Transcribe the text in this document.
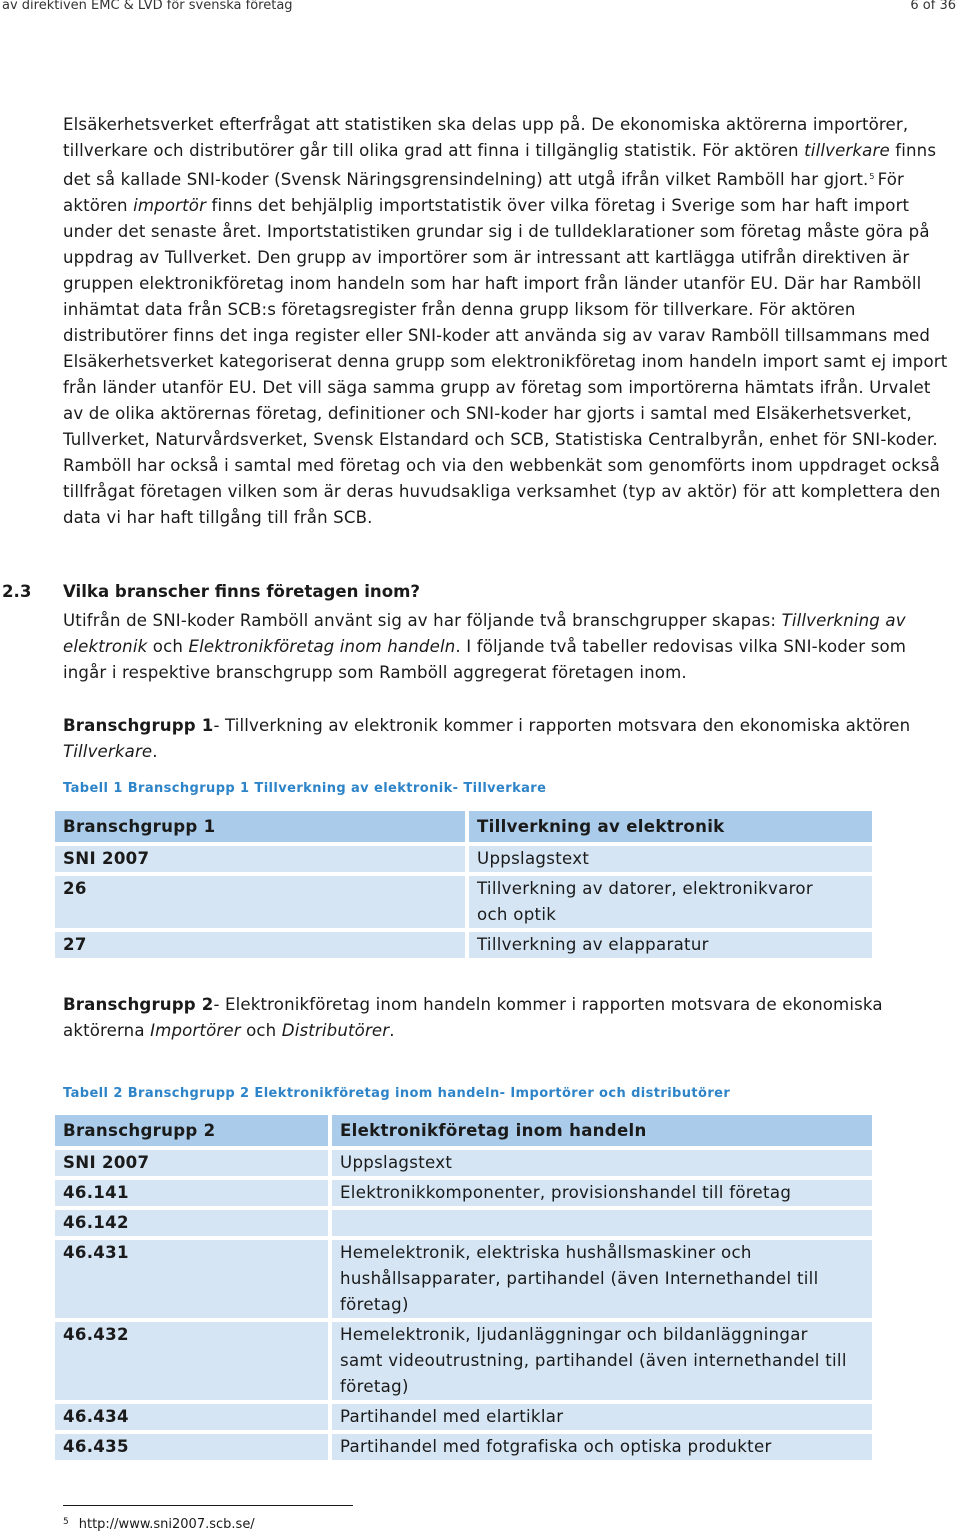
av direktiven EMC & LVD för svenska företag	6 of 36

Elsäkerhetsverket efterfrågat att statistiken ska delas upp på. De ekonomiska aktörerna importörer, tillverkare och distributörer går till olika grad att finna i tillgänglig statistik. För aktören tillverkare finns det så kallade SNI-koder (Svensk Näringsgrensindelning) att utgå ifrån vilket Ramböll har gjort.$^5$ För aktören importör finns det behjälplig importstatistik över vilka företag i Sverige som har haft import under det senaste året. Importstatistiken grundar sig i de tulldeklarationer som företag måste göra på uppdrag av Tullverket. Den grupp av importörer som är intressant att kartlägga utifrån direktiven är gruppen elektronikföretag inom handeln som har haft import från länder utanför EU. Där har Ramböll inhämtat data från SCB:s företagsregister från denna grupp liksom för tillverkare. För aktören distributörer finns det inga register eller SNI-koder att använda sig av varav Ramböll tillsammans med Elsäkerhetsverket kategoriserat denna grupp som elektronikföretag inom handeln import samt ej import från länder utanför EU. Det vill säga samma grupp av företag som importörerna hämtats ifrån. Urvalet av de olika aktörernas företag, definitioner och SNI-koder har gjorts i samtal med Elsäkerhetsverket, Tullverket, Naturvårdsverket, Svensk Elstandard och SCB, Statistiska Centralbyrån, enhet för SNI-koder. Ramböll har också i samtal med företag och via den webbenkät som genomförts inom uppdraget också tillfrågat företagen vilken som är deras huvudsakliga verksamhet (typ av aktör) för att komplettera den data vi har haft tillgång till från SCB.

2.3 Vilka branscher finns företagen inom?

Utifrån de SNI-koder Ramböll använt sig av har följande två branschgrupper skapas: Tillverkning av elektronik och Elektronikföretag inom handeln. I följande två tabeller redovisas vilka SNI-koder som ingår i respektive branschgrupp som Ramböll aggregerat företagen inom.

Branschgrupp 1- Tillverkning av elektronik kommer i rapporten motsvara den ekonomiska aktören Tillverkare.

Tabell 1 Branschgrupp 1 Tillverkning av elektronik- Tillverkare
Branschgrupp 1	Tillverkning av elektronik
SNI 2007	Uppslagstext
26	Tillverkning av datorer, elektronikvaror och optik
27	Tillverkning av elapparatur

Branschgrupp 2- Elektronikföretag inom handeln kommer i rapporten motsvara de ekonomiska aktörerna Importörer och Distributörer.

Tabell 2 Branschgrupp 2 Elektronikföretag inom handeln- Importörer och distributörer
Branschgrupp 2	Elektronikföretag inom handeln
SNI 2007	Uppslagstext
46.141	Elektronikkomponenter, provisionshandel till företag
46.142
46.431	Hemelektronik, elektriska hushållsmaskiner och hushållsapparater, partihandel (även Internethandel till företag)
46.432	Hemelektronik, ljudanläggningar och bildanläggningar samt videoutrustning, partihandel (även internethandel till företag)
46.434	Partihandel med elartiklar
46.435	Partihandel med fotgrafiska och optiska produkter
$^5$ http://www.sni2007.scb.se/
